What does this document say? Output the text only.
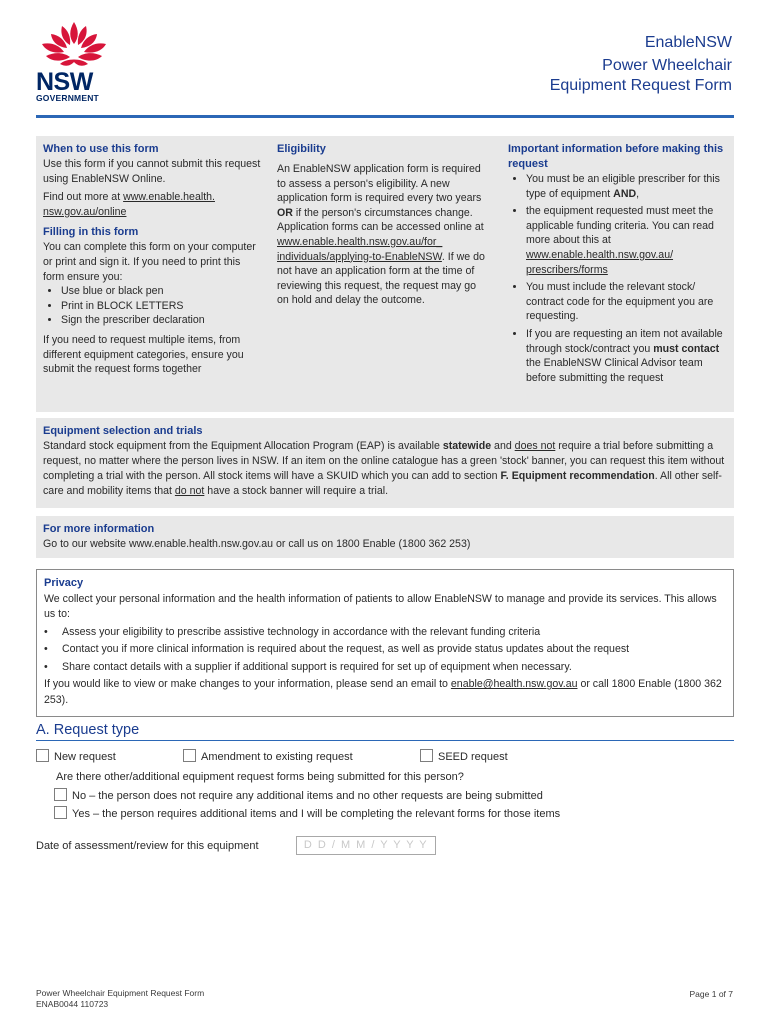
NSW
GOVERNMENT
EnableNSW
Power Wheelchair
Equipment Request Form
When to use this form

Use this form if you cannot submit this request using EnableNSW Online.

Find out more at www.enable.health. nsw.gov.au/online

Filling in this form

You can complete this form on your computer or print and sign it. If you need to print this form ensure you:

• Use blue or black pen
• Print in BLOCK LETTERS
• Sign the prescriber declaration

If you need to request multiple items, from different equipment categories, ensure you submit the request forms together

Eligibility

An EnableNSW application form is required to assess a person's eligibility. A new application form is required every two years OR if the person's circumstances change. Application forms can be accessed online at www.enable.health.nsw.gov.au/for_ individuals/applying-to-EnableNSW. If we do not have an application form at the time of reviewing this request, the request may go on hold and delay the outcome.

Important information before making this request
• You must be an eligible prescriber for this type of equipment AND,
• the equipment requested must meet the applicable funding criteria. You can read more about this at www.enable.health.nsw.gov.au/ prescribers/forms
• You must include the relevant stock/ contract code for the equipment you are requesting.
• If you are requesting an item not available through stock/contract you must contact the EnableNSW Clinical Advisor team before submitting the request
Equipment selection and trials
Standard stock equipment from the Equipment Allocation Program (EAP) is available statewide and does not require a trial before submitting a request, no matter where the person lives in NSW. If an item on the online catalogue has a green 'stock' banner, you can request this item without completing a trial with the person. All stock items will have a SKUID which you can add to section F. Equipment recommendation. All other self-care and mobility items that do not have a stock banner will require a trial.
For more information
Go to our website www.enable.health.nsw.gov.au or call us on 1800 Enable (1800 362 253)
Privacy
We collect your personal information and the health information of patients to allow EnableNSW to manage and provide its services. This allows us to:
• Assess your eligibility to prescribe assistive technology in accordance with the relevant funding criteria
• Contact you if more clinical information is required about the request, as well as provide status updates about the request
• Share contact details with a supplier if additional support is required for set up of equipment when necessary.
If you would like to view or make changes to your information, please send an email to enable@health.nsw.gov.au or call 1800 Enable (1800 362 253).
A. Request type
New request	Amendment to existing request	SEED request
Are there other/additional equipment request forms being submitted for this person?
No – the person does not require any additional items and no other requests are being submitted
Yes – the person requires additional items and I will be completing the relevant forms for those items
Date of assessment/review for this equipment	D D / M M / Y Y Y Y
Power Wheelchair Equipment Request Form
ENAB0044 110723
Page 1 of 7
